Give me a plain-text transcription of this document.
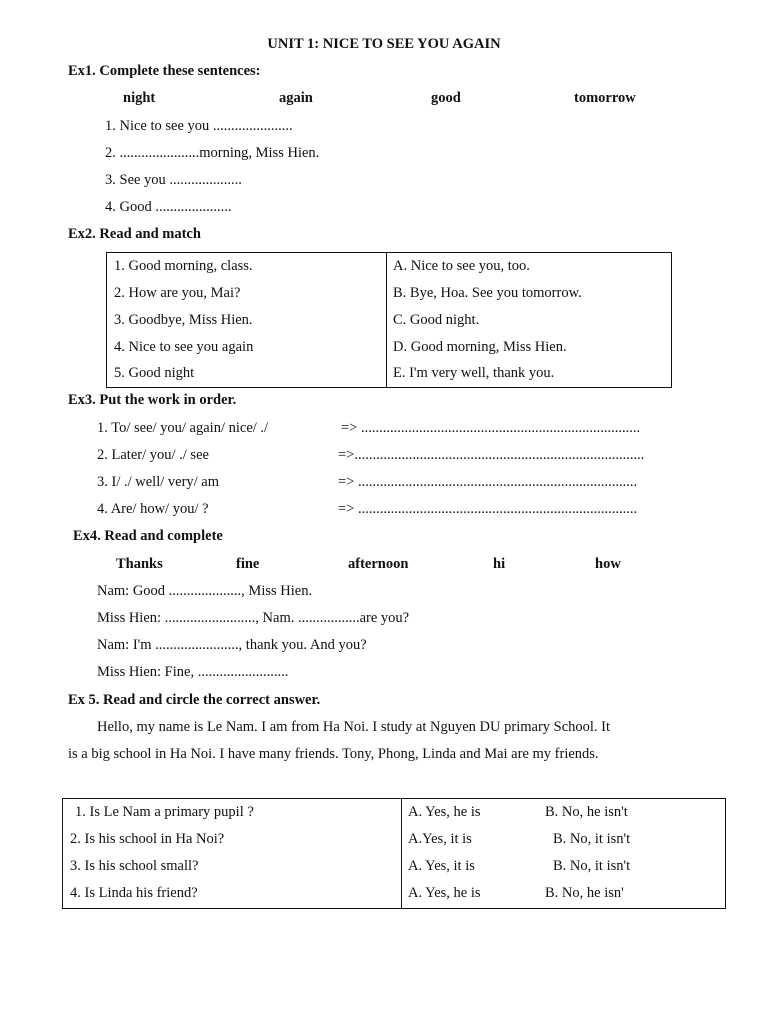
UNIT 1: NICE TO SEE YOU AGAIN
Ex1. Complete these sentences:
night	again	good	tomorrow
1. Nice to see you ......................
2. ......................morning, Miss Hien.
3. See you ....................
4. Good .....................
Ex2. Read and match
1. Good morning, class.	A. Nice to see you, too.
2. How are you, Mai?	B. Bye, Hoa. See you tomorrow.
3. Goodbye, Miss Hien.	C. Good night.
4. Nice to see you again	D. Good morning, Miss Hien.
5. Good night	E. I'm very well, thank you.
Ex3. Put the work in order.
1. To/ see/ you/ again/ nice/ ./	=> .............................................................................
2. Later/ you/ ./ see	=>................................................................................
3. I/ ./ well/ very/ am	=> .............................................................................
4. Are/ how/ you/ ?	=> .............................................................................
Ex4. Read and complete
Thanks	fine	afternoon	hi	how
Nam: Good ...................., Miss Hien.
Miss Hien: ........................., Nam. .................are you?
Nam: I'm ......................., thank you. And you?
Miss Hien: Fine, .........................
Ex 5. Read and circle the correct answer.
Hello, my name is Le Nam. I am from Ha Noi. I study at Nguyen DU primary School. It
is a big school in Ha Noi. I have many friends. Tony, Phong, Linda and Mai are my friends.
1. Is Le Nam a primary pupil ?	A. Yes, he is	B. No, he isn't
2. Is his school in Ha Noi?	A.Yes, it is	B. No, it isn't
3. Is his school small?	A. Yes, it is	B. No, it isn't
4. Is Linda his friend?	A. Yes, he is	B. No, he isn'
